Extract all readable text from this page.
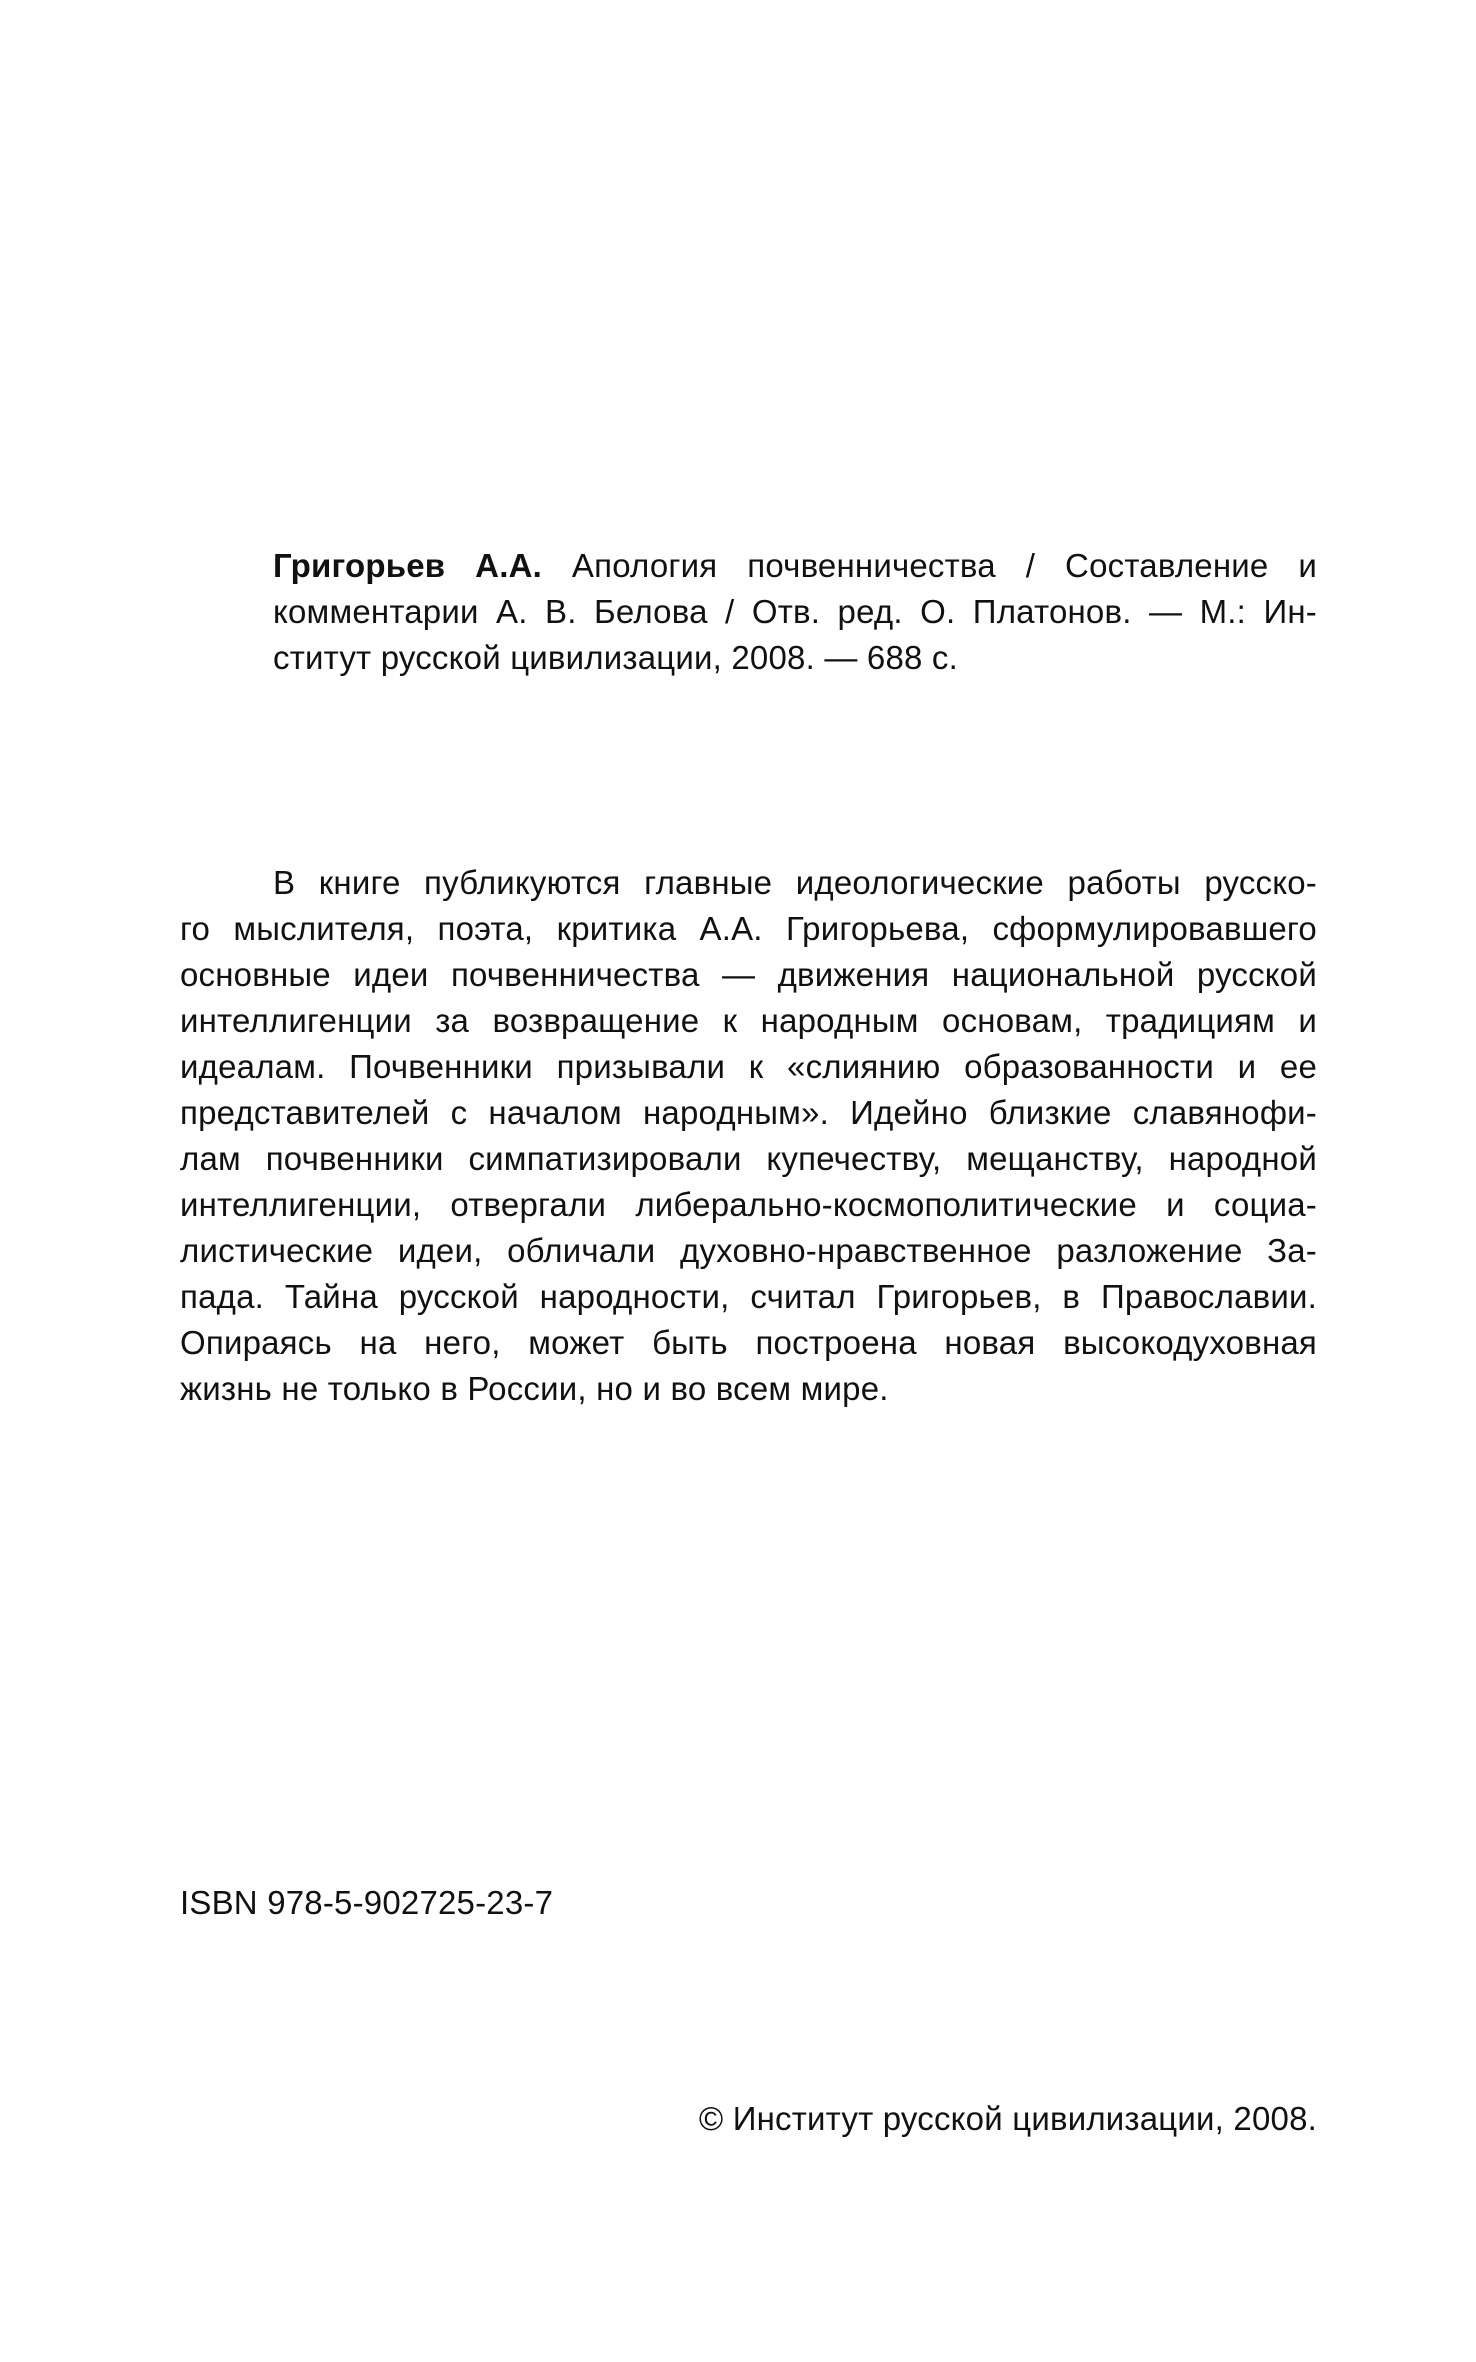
Григорьев А.А. Апология почвенничества / Составление и
комментарии А. В. Белова / Отв. ред. О. Платонов. — М.: Ин-
ститут русской цивилизации, 2008. — 688 с.
В книге публикуются главные идеологические работы русско-
го мыслителя, поэта, критика А.А. Григорьева, сформулировавшего
основные идеи почвенничества — движения национальной русской
интеллигенции за возвращение к народным основам, традициям и
идеалам. Почвенники призывали к «слиянию образованности и ее
представителей с началом народным». Идейно близкие славянофи-
лам почвенники симпатизировали купечеству, мещанству, народной
интеллигенции, отвергали либерально-космополитические и социа-
листические идеи, обличали духовно-нравственное разложение За-
пада. Тайна русской народности, считал Григорьев, в Православии.
Опираясь на него, может быть построена новая высокодуховная
жизнь не только в России, но и во всем мире.
ISBN 978-5-902725-23-7
© Институт русской цивилизации, 2008.
